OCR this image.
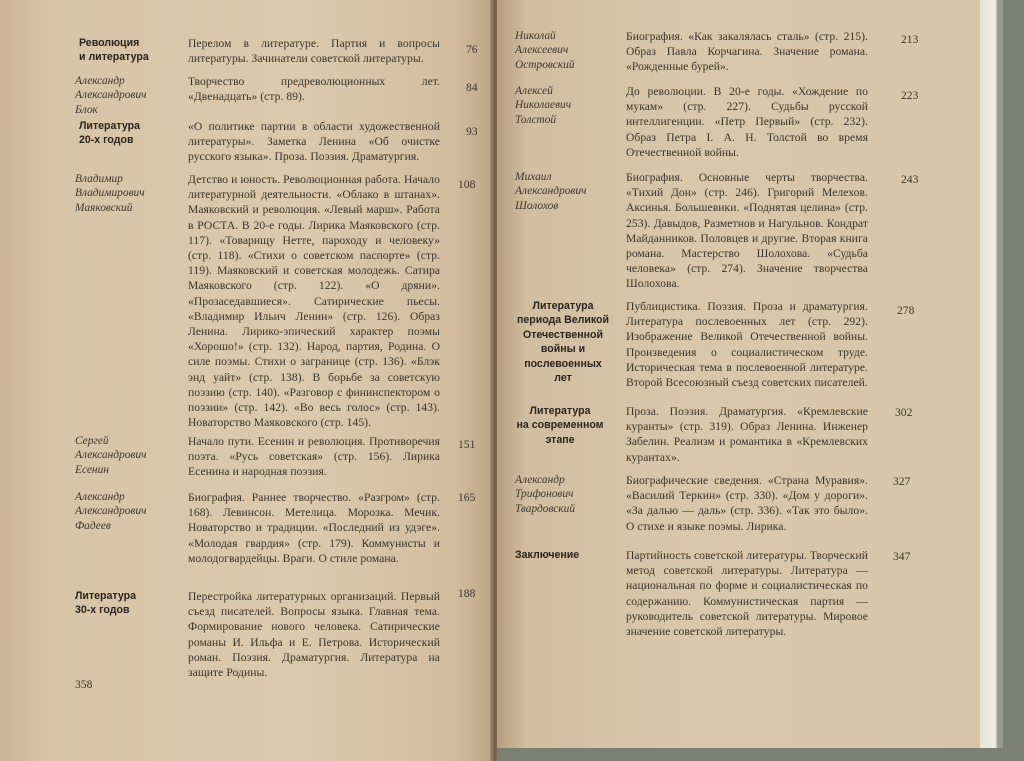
Революция
и литература
Перелом в литературе. Партия и вопросы литературы. Зачинатели советской литературы.
76
Александр
Александрович
Блок
Творчество предреволюционных лет. «Двенадцать» (стр. 89).
84
Литература
20-х годов
«О политике партии в области художественной литературы». Заметка Ленина «Об очистке русского языка». Проза. Поэзия. Драматургия.
93
Владимир
Владимирович
Маяковский
Детство и юность. Революционная работа. Начало литературной деятельности. «Облако в штанах». Маяковский и революция. «Левый марш». Работа в РОСТА. В 20-е годы. Лирика Маяковского (стр. 117). «Товарищу Нетте, пароходу и человеку» (стр. 118). «Стихи о советском паспорте» (стр. 119). Маяковский и советская молодежь. Сатира Маяковского (стр. 122). «О дряни». «Прозаседавшиеся». Сатирические пьесы. «Владимир Ильич Ленин» (стр. 126). Образ Ленина. Лирико-эпический характер поэмы «Хорошо!» (стр. 132). Народ, партия, Родина. О силе поэмы. Стихи о загранице (стр. 136). «Блэк энд уайт» (стр. 138). В борьбе за советскую поэзию (стр. 140). «Разговор с фининспектором о поэзии» (стр. 142). «Во весь голос» (стр. 143). Новаторство Маяковского (стр. 145).
108
Сергей
Александрович
Есенин
Начало пути. Есенин и революция. Противоречия поэта. «Русь советская» (стр. 156). Лирика Есенина и народная поэзия.
151
Александр
Александрович
Фадеев
Биография. Раннее творчество. «Разгром» (стр. 168). Левинсон. Метелица. Морозка. Мечик. Новаторство и традиции. «Последний из удэге». «Молодая гвардия» (стр. 179). Коммунисты и молодогвардейцы. Враги. О стиле романа.
165
Литература
30-х годов
Перестройка литературных организаций. Первый съезд писателей. Вопросы языка. Главная тема. Формирование нового человека. Сатирические романы И. Ильфа и Е. Петрова. Исторический роман. Поэзия. Драматургия. Литература на защите Родины.
188
358
Николай
Алексеевич
Островский
Биография. «Как закалялась сталь» (стр. 215). Образ Павла Корчагина. Значение романа. «Рожденные бурей».
213
Алексей
Николаевич
Толстой
До революции. В 20-е годы. «Хождение по мукам» (стр. 227). Судьбы русской интеллигенции. «Петр Первый» (стр. 232). Образ Петра I. А. Н. Толстой во время Отечественной войны.
223
Михаил
Александрович
Шолохов
Биография. Основные черты творчества. «Тихий Дон» (стр. 246). Григорий Мелехов. Аксинья. Большевики. «Поднятая целина» (стр. 253). Давыдов, Разметнов и Нагульнов. Кондрат Майданников. Половцев и другие. Вторая книга романа. Мастерство Шолохова. «Судьба человека» (стр. 274). Значение творчества Шолохова.
243
Литература
периода Великой
Отечественной
войны и послевоенных лет
Публицистика. Поэзия. Проза и драматургия. Литература послевоенных лет (стр. 292). Изображение Великой Отечественной войны. Произведения о социалистическом труде. Историческая тема в послевоенной литературе. Второй Всесоюзный съезд советских писателей.
278
Литература
на современном
этапе
Проза. Поэзия. Драматургия. «Кремлевские куранты» (стр. 319). Образ Ленина. Инженер Забелин. Реализм и романтика в «Кремлевских курантах».
302
Александр
Трифонович
Твардовский
Биографические сведения. «Страна Муравия». «Василий Теркин» (стр. 330). «Дом у дороги». «За далью — даль» (стр. 336). «Так это было». О стихе и языке поэмы. Лирика.
327
Заключение	Партийность советской литературы. Творческий метод советской литературы. Литература — национальная по форме и социалистическая по содержанию. Коммунистическая партия — руководитель советской литературы. Мировое значение советской литературы.
347
